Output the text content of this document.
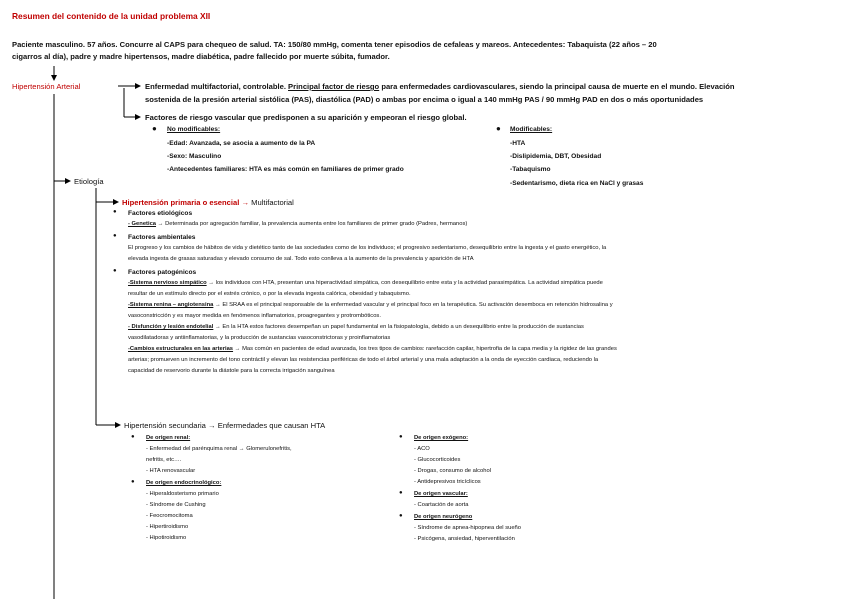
Resumen del contenido de la unidad problema XII
Paciente masculino. 57 años. Concurre al CAPS para chequeo de salud. TA: 150/80 mmHg, comenta tener episodios de cefaleas y mareos. Antecedentes: Tabaquista (22 años – 20
cigarros al día), padre y madre hipertensos, madre diabética, padre fallecido por muerte súbita, fumador.
Hipertensión Arterial	Enfermedad multifactorial, controlable. Principal factor de riesgo para enfermedades cardiovasculares, siendo la principal causa de muerte en el mundo. Elevación
sostenida de la presión arterial sistólica (PAS), diastólica (PAD) o ambas por encima o igual a 140 mmHg PAS / 90 mmHg PAD en dos o más oportunidades
Factores de riesgo vascular que predisponen a su aparición y empeoran el riesgo global.
● No modificables:
-Edad: Avanzada, se asocia a aumento de la PA
-Sexo: Masculino
-Antecedentes familiares: HTA es más común en familiares de primer grado
● Modificables:
-HTA
-Dislipidemia, DBT, Obesidad
-Tabaquismo
-Sedentarismo, dieta rica en NaCl y grasas
Etiología
Hipertensión primaria o esencial → Multifactorial
● Factores etiológicos
- Genetica → Determinada por agregación familiar, la prevalencia aumenta entre los familiares de primer grado (Padres, hermanos)
● Factores ambientales
El progreso y los cambios de hábitos de vida y dietético tanto de las sociedades como de los individuos; el progresivo sedentarismo, desequilibrio entre la ingesta y el gasto energético, la
elevada ingesta de grasas saturadas y elevado consumo de sal. Todo esto conlleva a la aumento de la prevalencia y aparición de HTA
● Factores patogénicos
-Sistema nervioso simpático → los individuos con HTA, presentan una hiperactividad simpática, con desequilibrio entre esta y la actividad parasimpática. La actividad simpática puede
resultar de un estímulo directo por el estrés crónico, o por la elevada ingesta calórica, obesidad y tabaquismo.
-Sistema renina – angiotensina → El SRAA es el principal responsable de la enfermedad vascular y el principal foco en la terapéutica. Su activación desemboca en retención hidrosalina y
vasoconstricción y es mayor medida en fenómenos inflamatorios, proagregantes y protrombóticos.
- Disfunción y lesión endotelial → En la HTA estos factores desempeñan un papel fundamental en la fisiopatología, debido a un desequilibrio entre la producción de sustancias
vasodilatadoras y antiinflamatorias, y la producción de sustancias vasoconstrictoras y proinflamatorias
-Cambios estructurales en las arterias → Mas común en pacientes de edad avanzada, los tres tipos de cambios: rarefacción capilar, hipertrofia de la capa media y la rigidez de las grandes
arterias; promueven un incremento del tono contráctil y elevan las resistencias periféricas de todo el árbol arterial y una mala adaptación a la onda de eyección cardiaca, reduciendo la
capacidad de reservorio durante la diástole para la correcta irrigación sanguínea
Hipertensión secundaria → Enfermedades que causan HTA
● De origen renal:
- Enfermedad del parénquima renal → Glomerulonefritis,
nefritis, etc….
- HTA renovascular
● De origen endocrinológico:
- Hiperaldosterismo primario
- Síndrome de Cushing
- Feocromocitoma
- Hipertiroidismo
- Hipotiroidismo
● De origen exógeno:
- ACO
- Glucocorticoides
- Drogas, consumo de alcohol
- Antidepresivos tricíclicos
● De origen vascular:
- Coartación de aorta
● De origen neurógeno
- Síndrome de apnea-hipopnea del sueño
- Psicógena, ansiedad, hiperventilación
